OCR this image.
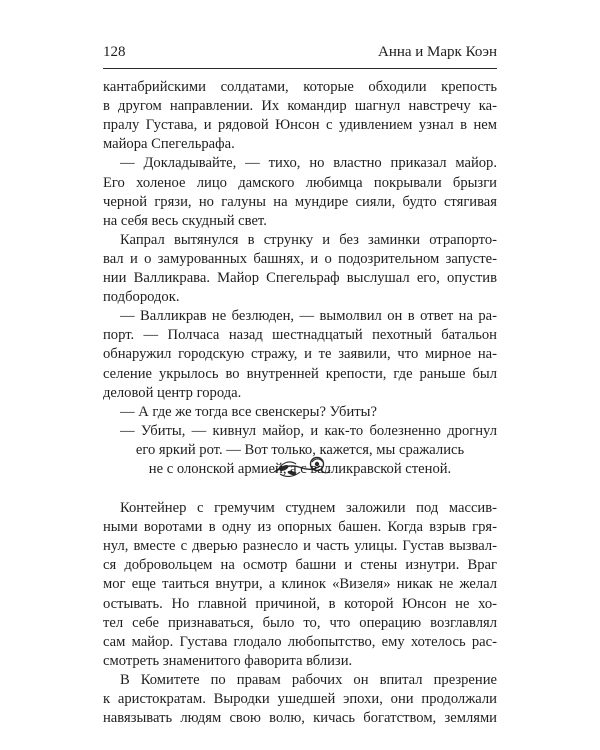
128	Анна и Марк Коэн
кантабрийскими солдатами, которые обходили крепость
в другом направлении. Их командир шагнул навстречу ка-
пралу Густава, и рядовой Юнсон с удивлением узнал в нем
майора Спегельрафа.
— Докладывайте, — тихо, но властно приказал майор.
Его холеное лицо дамского любимца покрывали брызги
черной грязи, но галуны на мундире сияли, будто стягивая
на себя весь скудный свет.
Капрал вытянулся в струнку и без заминки отрапорто-
вал и о замурованных башнях, и о подозрительном запусте-
нии Валликрава. Майор Спегельраф выслушал его, опустив
подбородок.
— Валликрав не безлюден, — вымолвил он в ответ на ра-
порт. — Полчаса назад шестнадцатый пехотный батальон
обнаружил городскую стражу, и те заявили, что мирное на-
селение укрылось во внутренней крепости, где раньше был
деловой центр города.
— А где же тогда все свенскеры? Убиты?
— Убиты, — кивнул майор, и как-то болезненно дрогнул
его яркий рот. — Вот только, кажется, мы сражались
не с олонской армией, а с валликравской стеной.
Контейнер с гремучим студнем заложили под массив-
ными воротами в одну из опорных башен. Когда взрыв гря-
нул, вместе с дверью разнесло и часть улицы. Густав вызвал-
ся добровольцем на осмотр башни и стены изнутри. Враг
мог еще таиться внутри, а клинок «Визеля» никак не желал
остывать. Но главной причиной, в которой Юнсон не хо-
тел себе признаваться, было то, что операцию возглавлял
сам майор. Густава глодало любопытство, ему хотелось рас-
смотреть знаменитого фаворита вблизи.
В Комитете по правам рабочих он впитал презрение
к аристократам. Выродки ушедшей эпохи, они продолжали
навязывать людям свою волю, кичась богатством, землями
